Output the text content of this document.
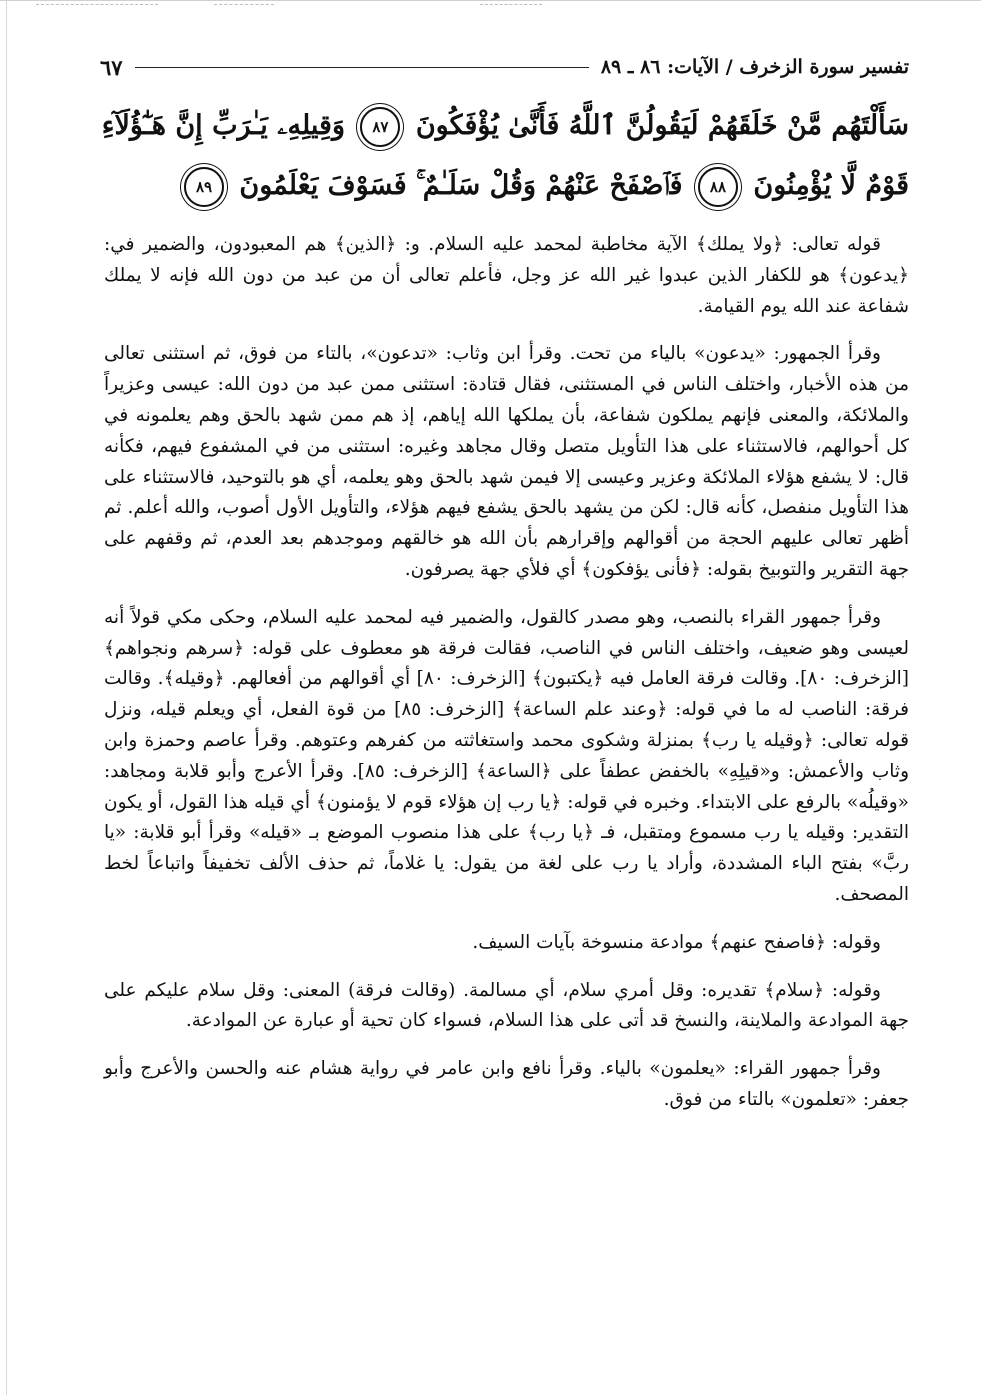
تفسير سورة الزخرف / الآيات: ٨٦ ـ ٨٩
٦٧
سَأَلْتَهُم مَّنْ خَلَقَهُمْ لَيَقُولُنَّ ٱللَّهُ فَأَنَّىٰ يُؤْفَكُونَ ٨٧ وَقِيلِهِۦ يَـٰرَبِّ إِنَّ هَـٰٓؤُلَآءِ قَوْمٌ لَّا يُؤْمِنُونَ ٨٨ فَٱصْفَحْ عَنْهُمْ وَقُلْ سَلَـٰمٌ ۚ فَسَوْفَ يَعْلَمُونَ ٨٩

قوله تعالى: ﴿ولا يملك﴾ الآية مخاطبة لمحمد عليه السلام. و: ﴿الذين﴾ هم المعبودون، والضمير في: ﴿يدعون﴾ هو للكفار الذين عبدوا غير الله عز وجل، فأعلم تعالى أن من عبد من دون الله فإنه لا يملك شفاعة عند الله يوم القيامة.

وقرأ الجمهور: «يدعون» بالياء من تحت. وقرأ ابن وثاب: «تدعون»، بالتاء من فوق، ثم استثنى تعالى من هذه الأخبار، واختلف الناس في المستثنى، فقال قتادة: استثنى ممن عبد من دون الله: عيسى وعزيراً والملائكة، والمعنى فإنهم يملكون شفاعة، بأن يملكها الله إياهم، إذ هم ممن شهد بالحق وهم يعلمونه في كل أحوالهم، فالاستثناء على هذا التأويل متصل وقال مجاهد وغيره: استثنى من في المشفوع فيهم، فكأنه قال: لا يشفع هؤلاء الملائكة وعزير وعيسى إلا فيمن شهد بالحق وهو يعلمه، أي هو بالتوحيد، فالاستثناء على هذا التأويل منفصل، كأنه قال: لكن من يشهد بالحق يشفع فيهم هؤلاء، والتأويل الأول أصوب، والله أعلم. ثم أظهر تعالى عليهم الحجة من أقوالهم وإقرارهم بأن الله هو خالقهم وموجدهم بعد العدم، ثم وقفهم على جهة التقرير والتوبيخ بقوله: ﴿فأنى يؤفكون﴾ أي فلأي جهة يصرفون.

وقرأ جمهور القراء بالنصب، وهو مصدر كالقول، والضمير فيه لمحمد عليه السلام، وحكى مكي قولاً أنه لعيسى وهو ضعيف، واختلف الناس في الناصب، فقالت فرقة هو معطوف على قوله: ﴿سرهم ونجواهم﴾ [الزخرف: ٨٠]. وقالت فرقة العامل فيه ﴿يكتبون﴾ [الزخرف: ٨٠] أي أقوالهم من أفعالهم. ﴿وقيله﴾. وقالت فرقة: الناصب له ما في قوله: ﴿وعند علم الساعة﴾ [الزخرف: ٨٥] من قوة الفعل، أي ويعلم قيله، ونزل قوله تعالى: ﴿وقيله يا رب﴾ بمنزلة وشكوى محمد واستغاثته من كفرهم وعتوهم. وقرأ عاصم وحمزة وابن وثاب والأعمش: و«قيلِهِ» بالخفض عطفاً على ﴿الساعة﴾ [الزخرف: ٨٥]. وقرأ الأعرج وأبو قلابة ومجاهد: «وقيلُه» بالرفع على الابتداء. وخبره في قوله: ﴿يا رب إن هؤلاء قوم لا يؤمنون﴾ أي قيله هذا القول، أو يكون التقدير: وقيله يا رب مسموع ومتقبل، فـ ﴿يا رب﴾ على هذا منصوب الموضع بـ «قيله» وقرأ أبو قلابة: «يا ربَّ» بفتح الباء المشددة، وأراد يا رب على لغة من يقول: يا غلاماً، ثم حذف الألف تخفيفاً واتباعاً لخط المصحف.

وقوله: ﴿فاصفح عنهم﴾ موادعة منسوخة بآيات السيف.

وقوله: ﴿سلام﴾ تقديره: وقل أمري سلام، أي مسالمة. (وقالت فرقة) المعنى: وقل سلام عليكم على جهة الموادعة والملاينة، والنسخ قد أتى على هذا السلام، فسواء كان تحية أو عبارة عن الموادعة.

وقرأ جمهور القراء: «يعلمون» بالياء. وقرأ نافع وابن عامر في رواية هشام عنه والحسن والأعرج وأبو جعفر: «تعلمون» بالتاء من فوق.
